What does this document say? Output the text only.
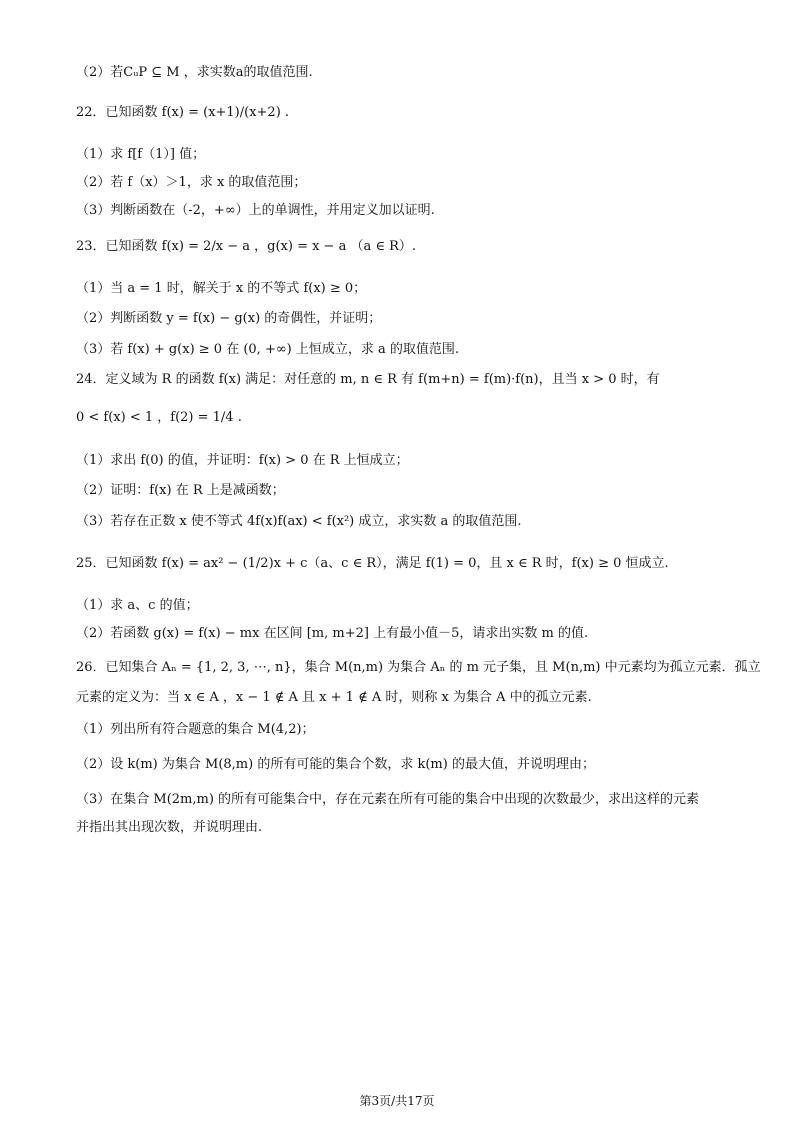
（2）若CᵤP ⊆ M ，求实数a的取值范围.
22．已知函数 f(x) = (x+1)/(x+2) .
（1）求 f[f（1）] 值；
（2）若 f（x）＞1，求 x 的取值范围；
（3）判断函数在（-2，+∞）上的单调性，并用定义加以证明.
23．已知函数 f(x) = 2/x − a ，g(x) = x − a （a ∈ R）.
（1）当 a = 1 时，解关于 x 的不等式 f(x) ≥ 0；
（2）判断函数 y = f(x) − g(x) 的奇偶性，并证明；
（3）若 f(x) + g(x) ≥ 0 在 (0, +∞) 上恒成立，求 a 的取值范围.
24．定义域为 R 的函数 f(x) 满足：对任意的 m, n ∈ R 有 f(m+n) = f(m)·f(n)，且当 x > 0 时，有
0 < f(x) < 1 ，f(2) = 1/4 .
（1）求出 f(0) 的值，并证明：f(x) > 0 在 R 上恒成立；
（2）证明：f(x) 在 R 上是减函数；
（3）若存在正数 x 使不等式 4f(x)f(ax) < f(x²) 成立，求实数 a 的取值范围.
25．已知函数 f(x) = ax² − (1/2)x + c（a、c ∈ R），满足 f(1) = 0，且 x ∈ R 时，f(x) ≥ 0 恒成立.
（1）求 a、c 的值；
（2）若函数 g(x) = f(x) − mx 在区间 [m, m+2] 上有最小值－5，请求出实数 m 的值.
26．已知集合 Aₙ = {1, 2, 3, ⋯, n}，集合 M(n,m) 为集合 Aₙ 的 m 元子集，且 M(n,m) 中元素均为孤立元素．孤立
元素的定义为：当 x ∈ A ，x − 1 ∉ A 且 x + 1 ∉ A 时，则称 x 为集合 A 中的孤立元素.
（1）列出所有符合题意的集合 M(4,2)；
（2）设 k(m) 为集合 M(8,m) 的所有可能的集合个数，求 k(m) 的最大值，并说明理由；
（3）在集合 M(2m,m) 的所有可能集合中，存在元素在所有可能的集合中出现的次数最少，求出这样的元素
并指出其出现次数，并说明理由.
第3页/共17页
